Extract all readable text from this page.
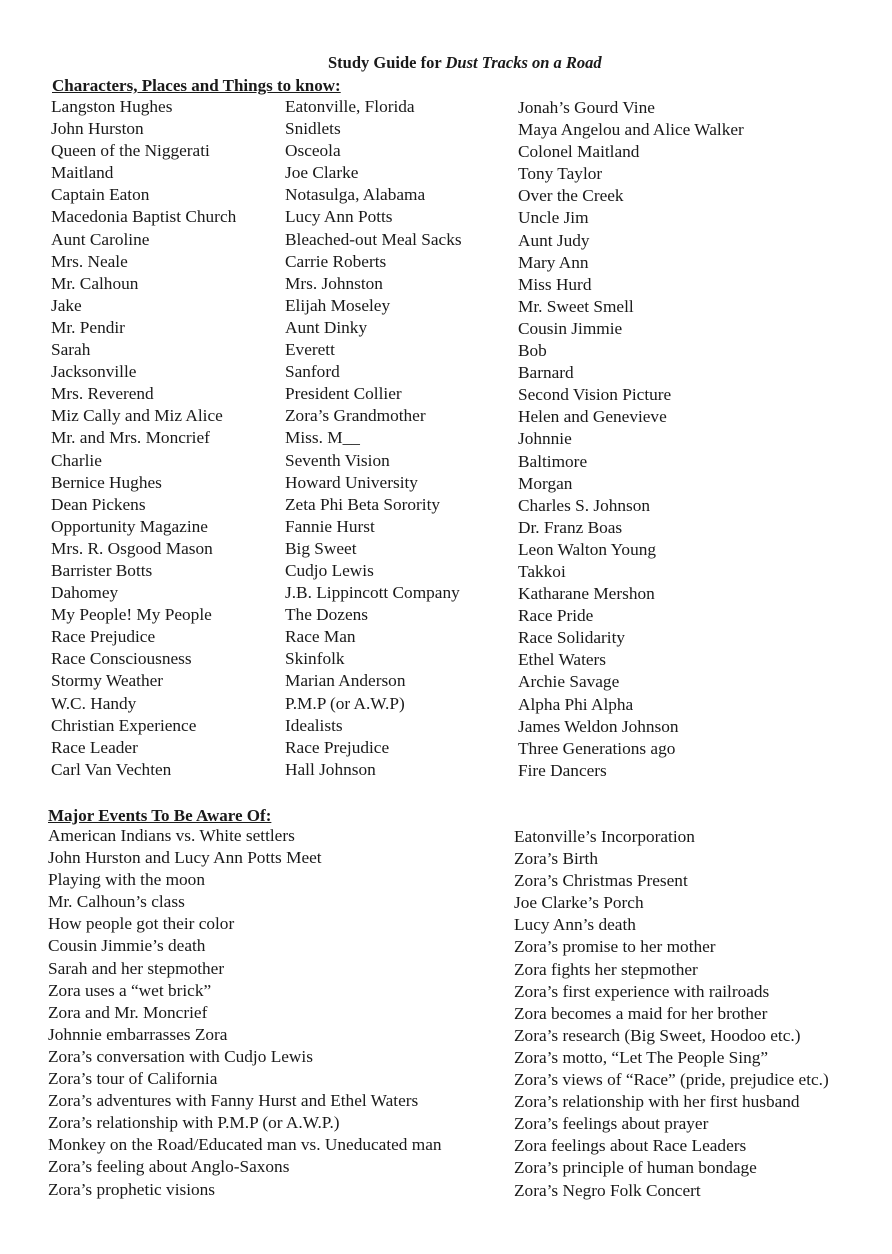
Study Guide for Dust Tracks on a Road
Characters, Places and Things to know:
Langston Hughes
John Hurston
Queen of the Niggerati
Maitland
Captain Eaton
Macedonia Baptist Church
Aunt Caroline
Mrs. Neale
Mr. Calhoun
Jake
Mr. Pendir
Sarah
Jacksonville
Mrs. Reverend
Miz Cally and Miz Alice
Mr. and Mrs. Moncrief
Charlie
Bernice Hughes
Dean Pickens
Opportunity Magazine
Mrs. R. Osgood Mason
Barrister Botts
Dahomey
My People! My People
Race Prejudice
Race Consciousness
Stormy Weather
W.C. Handy
Christian Experience
Race Leader
Carl Van Vechten
Eatonville, Florida
Snidlets
Osceola
Joe Clarke
Notasulga, Alabama
Lucy Ann Potts
Bleached-out Meal Sacks
Carrie Roberts
Mrs. Johnston
Elijah Moseley
Aunt Dinky
Everett
Sanford
President Collier
Zora’s Grandmother
Miss. M__
Seventh Vision
Howard University
Zeta Phi Beta Sorority
Fannie Hurst
Big Sweet
Cudjo Lewis
J.B. Lippincott Company
The Dozens
Race Man
Skinfolk
Marian Anderson
P.M.P (or A.W.P)
Idealists
Race Prejudice
Hall Johnson
Jonah’s Gourd Vine
Maya Angelou and Alice Walker
Colonel Maitland
Tony Taylor
Over the Creek
Uncle Jim
Aunt Judy
Mary Ann
Miss Hurd
Mr. Sweet Smell
Cousin Jimmie
Bob
Barnard
Second Vision Picture
Helen and Genevieve
Johnnie
Baltimore
Morgan
Charles S. Johnson
Dr. Franz Boas
Leon Walton Young
Takkoi
Katharane Mershon
Race Pride
Race Solidarity
Ethel Waters
Archie Savage
Alpha Phi Alpha
James Weldon Johnson
Three Generations ago
Fire Dancers
Major Events To Be Aware Of:
American Indians vs. White settlers
John Hurston and Lucy Ann Potts Meet
Playing with the moon
Mr. Calhoun’s class
How people got their color
Cousin Jimmie’s death
Sarah and her stepmother
Zora uses a “wet brick”
Zora and Mr. Moncrief
Johnnie embarrasses Zora
Zora’s conversation with Cudjo Lewis
Zora’s tour of California
Zora’s adventures with Fanny Hurst and Ethel Waters
Zora’s relationship with P.M.P (or A.W.P.)
Monkey on the Road/Educated man vs. Uneducated man
Zora’s feeling about Anglo-Saxons
Zora’s prophetic visions
Eatonville’s Incorporation
Zora’s Birth
Zora’s Christmas Present
Joe Clarke’s Porch
Lucy Ann’s death
Zora’s promise to her mother
Zora fights her stepmother
Zora’s first experience with railroads
Zora becomes a maid for her brother
Zora’s research (Big Sweet, Hoodoo etc.)
Zora’s motto, “Let The People Sing”
Zora’s views of “Race” (pride, prejudice etc.)
Zora’s relationship with her first husband
Zora’s feelings about prayer
Zora feelings about Race Leaders
Zora’s principle of human bondage
Zora’s Negro Folk Concert
